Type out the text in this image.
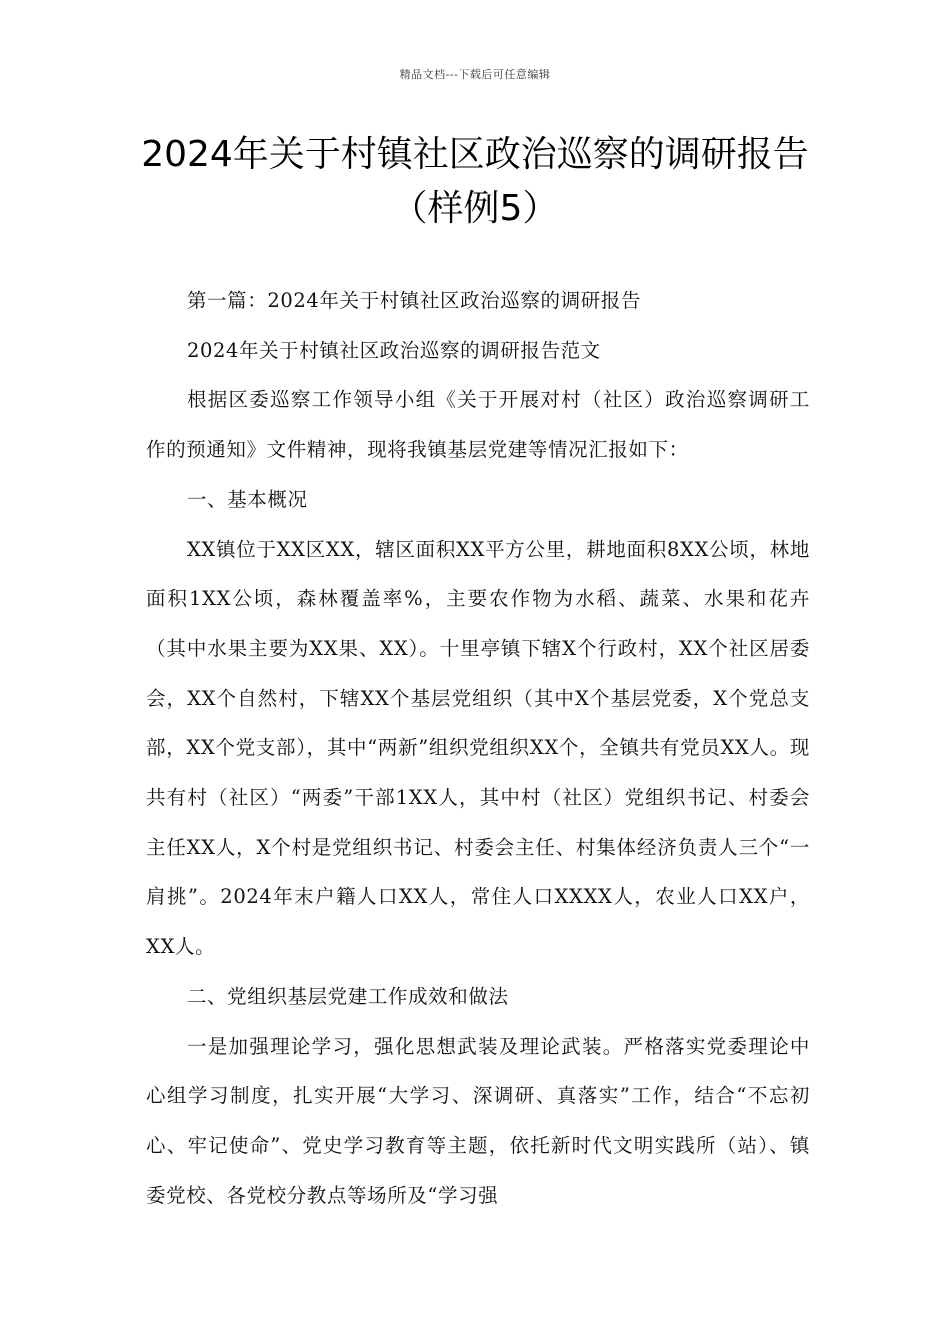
精品文档---下载后可任意编辑
2024年关于村镇社区政治巡察的调研报告（样例5）

第一篇：2024年关于村镇社区政治巡察的调研报告

2024年关于村镇社区政治巡察的调研报告范文

根据区委巡察工作领导小组《关于开展对村（社区）政治巡察调研工作的预通知》文件精神，现将我镇基层党建等情况汇报如下：

一、基本概况

XX镇位于XX区XX，辖区面积XX平方公里，耕地面积8XX公顷，林地面积1XX公顷，森林覆盖率%，主要农作物为水稻、蔬菜、水果和花卉（其中水果主要为XX果、XX）。十里亭镇下辖X个行政村，XX个社区居委会，XX个自然村，下辖XX个基层党组织（其中X个基层党委，X个党总支部，XX个党支部），其中“两新”组织党组织XX个，全镇共有党员XX人。现共有村（社区）“两委”干部1XX人，其中村（社区）党组织书记、村委会主任XX人，X个村是党组织书记、村委会主任、村集体经济负责人三个“一肩挑”。2024年末户籍人口XX人，常住人口XXXX人，农业人口XX户，XX人。

二、党组织基层党建工作成效和做法

一是加强理论学习，强化思想武装及理论武装。严格落实党委理论中心组学习制度，扎实开展“大学习、深调研、真落实”工作，结合“不忘初心、牢记使命”、党史学习教育等主题，依托新时代文明实践所（站）、镇委党校、各党校分教点等场所及“学习强
